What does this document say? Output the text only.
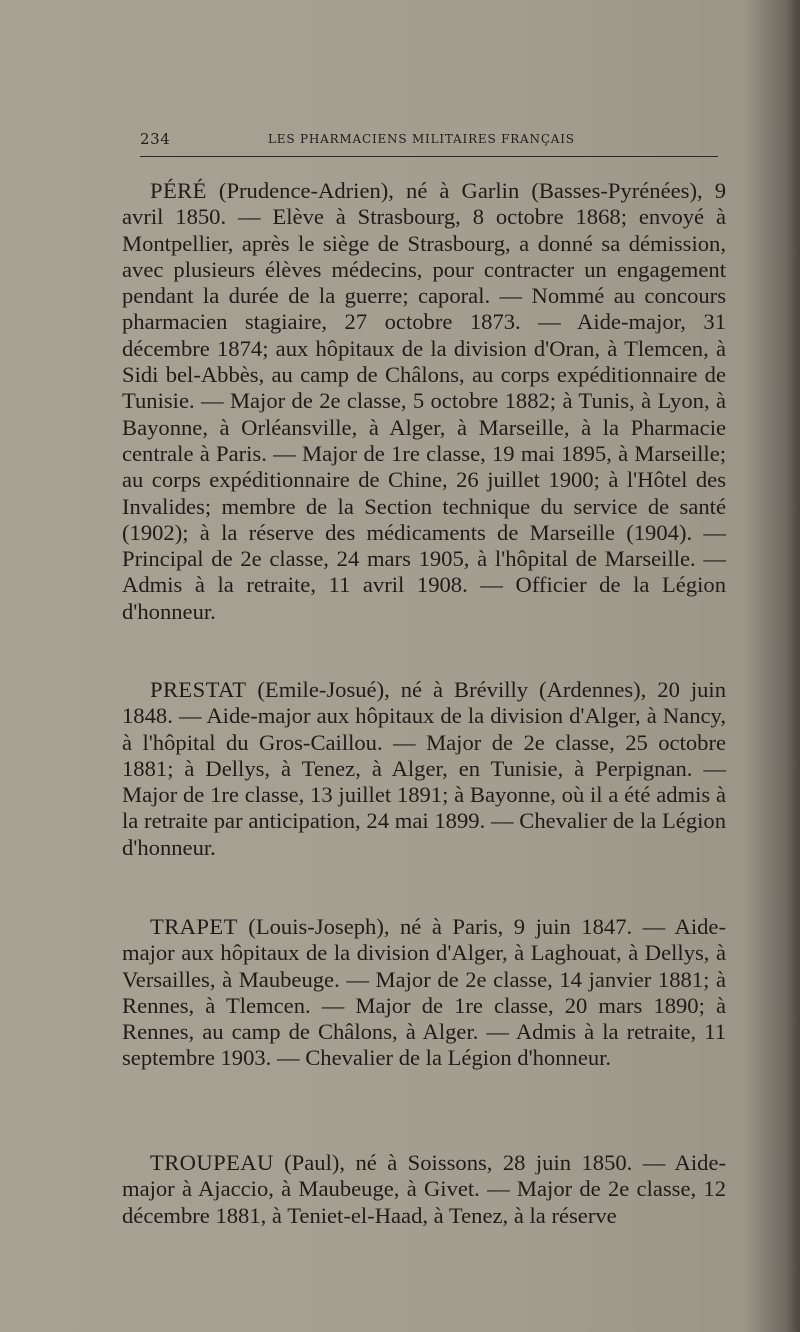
234	LES PHARMACIENS MILITAIRES FRANÇAIS

PÉRÉ (Prudence-Adrien), né à Garlin (Basses-Pyrénées), 9 avril 1850. — Elève à Strasbourg, 8 octobre 1868; envoyé à Montpellier, après le siège de Strasbourg, a donné sa démission, avec plusieurs élèves médecins, pour contracter un engagement pendant la durée de la guerre; caporal. — Nommé au concours pharmacien stagiaire, 27 octobre 1873. — Aide-major, 31 décembre 1874; aux hôpitaux de la division d'Oran, à Tlemcen, à Sidi bel-Abbès, au camp de Châlons, au corps expéditionnaire de Tunisie. — Major de 2e classe, 5 octobre 1882; à Tunis, à Lyon, à Bayonne, à Orléansville, à Alger, à Marseille, à la Pharmacie centrale à Paris. — Major de 1re classe, 19 mai 1895, à Marseille; au corps expéditionnaire de Chine, 26 juillet 1900; à l'Hôtel des Invalides; membre de la Section technique du service de santé (1902); à la réserve des médicaments de Marseille (1904). — Principal de 2e classe, 24 mars 1905, à l'hôpital de Marseille. — Admis à la retraite, 11 avril 1908. — Officier de la Légion d'honneur.

PRESTAT (Emile-Josué), né à Brévilly (Ardennes), 20 juin 1848. — Aide-major aux hôpitaux de la division d'Alger, à Nancy, à l'hôpital du Gros-Caillou. — Major de 2e classe, 25 octobre 1881; à Dellys, à Tenez, à Alger, en Tunisie, à Perpignan. — Major de 1re classe, 13 juillet 1891; à Bayonne, où il a été admis à la retraite par anticipation, 24 mai 1899. — Chevalier de la Légion d'honneur.

TRAPET (Louis-Joseph), né à Paris, 9 juin 1847. — Aide-major aux hôpitaux de la division d'Alger, à Laghouat, à Dellys, à Versailles, à Maubeuge. — Major de 2e classe, 14 janvier 1881; à Rennes, à Tlemcen. — Major de 1re classe, 20 mars 1890; à Rennes, au camp de Châlons, à Alger. — Admis à la retraite, 11 septembre 1903. — Chevalier de la Légion d'honneur.

TROUPEAU (Paul), né à Soissons, 28 juin 1850. — Aide-major à Ajaccio, à Maubeuge, à Givet. — Major de 2e classe, 12 décembre 1881, à Teniet-el-Haad, à Tenez, à la réserve
